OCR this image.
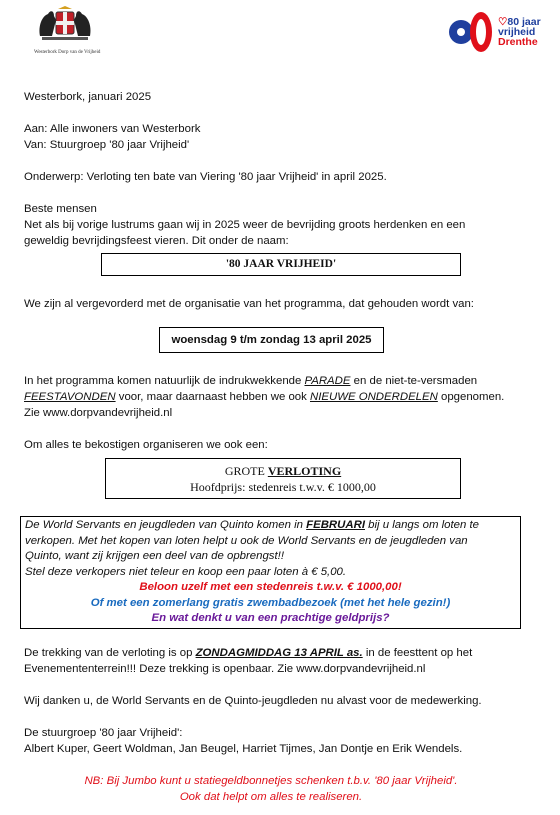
Westerbork Dorp van de Vrijheid
♡80 jaar
vrijheid
Drenthe
Westerbork, januari 2025
Aan: Alle inwoners van Westerbork
Van: Stuurgroep '80 jaar Vrijheid'
Onderwerp: Verloting ten bate van Viering '80 jaar Vrijheid' in april 2025.
Beste mensen
Net als bij vorige lustrums gaan wij in 2025 weer de bevrijding groots herdenken en een
geweldig bevrijdingsfeest vieren. Dit onder de naam:
'80 JAAR VRIJHEID'
We zijn al vergevorderd met de organisatie van het programma, dat gehouden wordt van:
woensdag 9 t/m zondag 13 april 2025
In het programma komen natuurlijk de indrukwekkende PARADE en de niet-te-versmaden
FEESTAVONDEN voor, maar daarnaast hebben we ook NIEUWE ONDERDELEN opgenomen.
Zie www.dorpvandevrijheid.nl
Om alles te bekostigen organiseren we ook een:
GROTE VERLOTING
Hoofdprijs: stedenreis t.w.v. € 1000,00
De World Servants en jeugdleden van Quinto komen in FEBRUARI bij u langs om loten te
verkopen. Met het kopen van loten helpt u ook de World Servants en de jeugdleden van
Quinto, want zij krijgen een deel van de opbrengst!!
Stel deze verkopers niet teleur en koop een paar loten à € 5,00.
Beloon uzelf met een stedenreis t.w.v. € 1000,00!
Of met een zomerlang gratis zwembadbezoek (met het hele gezin!)
En wat denkt u van een prachtige geldprijs?
De trekking van de verloting is op ZONDAGMIDDAG 13 APRIL as. in de feesttent op het
Evenemententerrein!!! Deze trekking is openbaar. Zie www.dorpvandevrijheid.nl
Wij danken u, de World Servants en de Quinto-jeugdleden nu alvast voor de medewerking.
De stuurgroep '80 jaar Vrijheid':
Albert Kuper, Geert Woldman, Jan Beugel, Harriet Tijmes, Jan Dontje en Erik Wendels.
NB: Bij Jumbo kunt u statiegeldbonnetjes schenken t.b.v. '80 jaar Vrijheid'.
Ook dat helpt om alles te realiseren.
